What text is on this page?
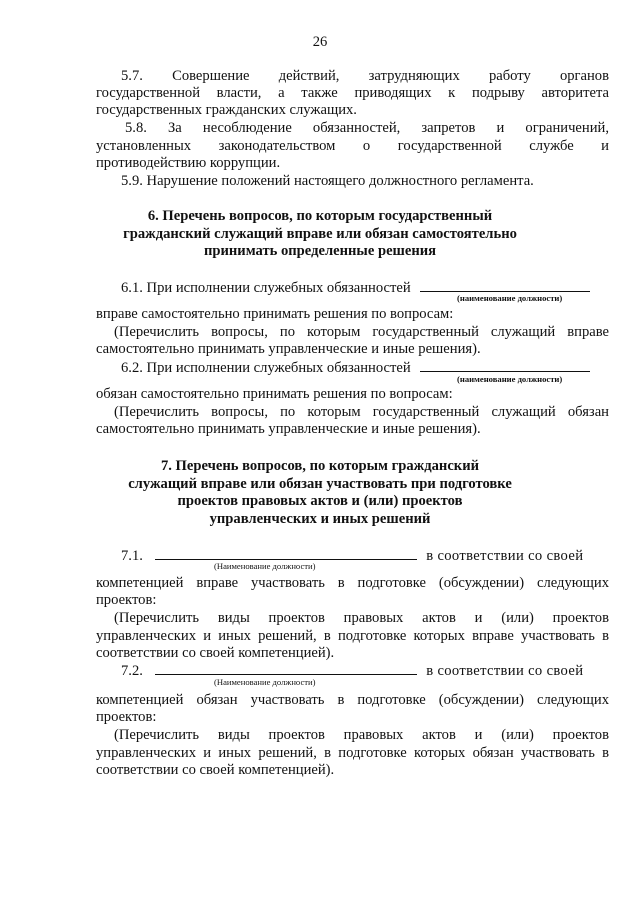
26
5.7. Совершение действий, затрудняющих работу органов
государственной власти, а также приводящих к подрыву авторитета
государственных гражданских служащих.
5.8. За несоблюдение обязанностей, запретов и ограничений,
установленных законодательством о государственной службе и
противодействию коррупции.
5.9. Нарушение положений настоящего должностного регламента.
6. Перечень вопросов, по которым государственный
гражданский служащий вправе или обязан самостоятельно
принимать определенные решения
6.1. При исполнении служебных обязанностей
(наименование должности)
вправе самостоятельно принимать решения по вопросам:
(Перечислить вопросы, по которым государственный служащий вправе
самостоятельно принимать управленческие и иные решения).
6.2. При исполнении служебных обязанностей
(наименование должности)
обязан самостоятельно принимать решения по вопросам:
(Перечислить вопросы, по которым государственный служащий обязан
самостоятельно принимать управленческие и иные решения).
7. Перечень вопросов, по которым гражданский
служащий вправе или обязан участвовать при подготовке
проектов правовых актов и (или) проектов
управленческих и иных решений
7.1.	в соответствии со своей
(Наименование должности)
компетенцией вправе участвовать в подготовке (обсуждении) следующих
проектов:
(Перечислить виды проектов правовых актов и (или) проектов
управленческих и иных решений, в подготовке которых вправе участвовать в
соответствии со своей компетенцией).
7.2.	в соответствии со своей
(Наименование должности)
компетенцией обязан участвовать в подготовке (обсуждении) следующих
проектов:
(Перечислить виды проектов правовых актов и (или) проектов
управленческих и иных решений, в подготовке которых обязан участвовать в
соответствии со своей компетенцией).
